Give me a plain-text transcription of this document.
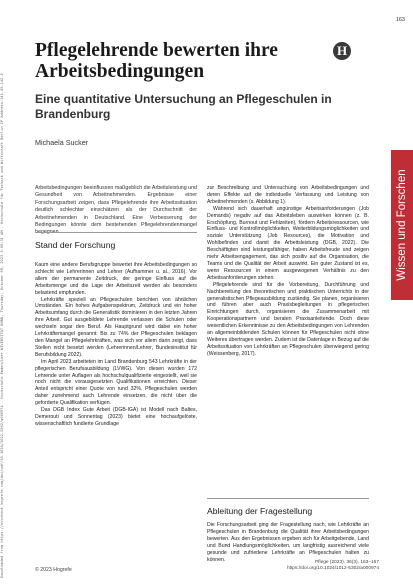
Downloaded from https://econtent.hogrefe.com/doi/pdf/10.1024/1012-5302/a000974 - Hochschule Emden/Leer NIVERSITÄT BONN, Thursday, October 09, 2023 3:00:31 AM - Hochschule für Technik und Wirtschaft Berlin IP Address:141.45.142.0
163
Pflegelehrende bewerten ihre Arbeitsbedingungen
H
Eine quantitative Untersuchung an Pflegeschulen in Brandenburg
Michaela Sucker
Wissen und Forschen

Arbeitsbedingungen beeinflussen maßgeblich die Arbeitsleistung und Gesundheit von Arbeitnehmenden. Ergebnisse einer Forschungsarbeit zeigen, dass Pflegelehrende ihre Arbeitssituation deutlich schlechter einschätzen als der Durchschnitt der Arbeitnehmenden in Deutschland. Eine Verbesserung der Bedingungen könnte dem bestehenden Pflegelehrendenmangel begegnen.

Stand der Forschung

Kaum eine andere Berufsgruppe bewertet ihre Arbeitsbedingungen so schlecht wie Lehrerinnen und Lehrer (Aufhammer u. al., 2016). Vor allem der permanente Zeitdruck, der geringe Einfluss auf die Arbeitsmenge und die Lage der Arbeitszeit werden als besonders belastend empfunden.

Lehrkräfte speziell an Pflegeschulen berichten von ähnlichen Umständen. Ein hohes Aufgabenspektrum, Zeitdruck und ein hoher Arbeitsumfang durch die Generalistik dominieren in den letzten Jahren ihre Arbeit. Gut ausgebildete Lehrende verlassen die Schulen oder wechseln sogar den Beruf. Als Hauptgrund wird dabei ein hoher Lehrkräftemangel genannt: Bis zu 74% der Pflegeschulen beklagen den Mangel an Pflegelehrkräften, was sich vor allem darin zeigt, dass Stellen nicht besetzt werden (Lehrerinnen/Lehrer, Bundesinstitut für Berufsbildung 2022).

Im April 2023 arbeiteten im Land Brandenburg 543 Lehrkräfte in der pflegerischen Berufsausbildung (LVWG). Von diesen wurden 172 Lehrende unter Auflagen als hochschulqualifizierte eingestellt, weil sie noch nicht die vorausgesetzten Qualifikationen erreichten. Dieser Anteil entspricht einer Quote von rund 32%. Pflegeschulen werden daher zunehmend auch Lehrende einsetzen, die nicht über die geforderte Qualifikation verfügen.

Das DGB Index Gute Arbeit (DGB-IGA) ist Modell nach Baltes, Demerouti und Sonnentag (2023) bietet eine hochaufgelöste, wissenschaftlich fundierte Grundlage

zur Beschreibung und Untersuchung von Arbeitsbedingungen und deren Effekte auf die individuelle Verfassung und Leistung von Arbeitnehmenden (s. Abbildung 1).

Während sich dauerhaft ungünstige Arbeitsanforderungen (Job Demands) negativ auf das Arbeitsleben auswirken können (z. B. Erschöpfung, Burnout und Fehlzeiten), fördern Arbeitsressourcen, wie Einfluss- und Kontrollmöglichkeiten, Weiterbildungsmöglichkeiten und soziale Unterstützung (Job Resources), die Motivation und Wohlbefinden und damit die Arbeitsleistung (DGB, 2022). Die Beschäftigten sind leistungsfähiger, haben Arbeitsfreude und zeigen mehr Arbeitsengagement, das sich positiv auf die Organisation, die Teams und die Qualität der Arbeit auswirkt. Ein guter Zustand ist es, wenn Ressourcen in einem ausgewogenen Verhältnis zu den Arbeitsanforderungen stehen.

Pflegelehrende sind für die Vorbereitung, Durchführung und Nachbereitung des theoretischen und praktischen Unterrichts in der generalistischen Pflegeausbildung zuständig. Sie planen, organisieren und führen aber auch Praxisbegleitungen in pflegerischen Einrichtungen durch, organisieren die Zusammenarbeit mit Kooperationspartnern und beraten Praxisanleitende. Doch diese wesentlichen Erkenntnisse zu den Arbeitsbedingungen von Lehrenden an allgemeinbildenden Schulen können für Pflegeschulen nicht ohne Weiteres übertragen werden. Zudem ist die Datenlage in Bezug auf die Arbeitssituation von Lehrkräften an Pflegeschulen überwiegend gering (Weissenberg, 2017).

Ableitung der Fragestellung

Die Forschungsarbeit ging der Fragestellung nach, wie Lehrkräfte an Pflegeschulen in Brandenburg die Qualität ihrer Arbeitsbedingungen bewerten. Aus den Ergebnissen ergeben sich für Arbeitgebende, Land und Bund Handlungsmöglichkeiten, um langfristig ausreichend viele gesunde und zufriedene Lehrkräfte an Pflegeschulen halten zu können.

© 2023 Hogrefe
Pflege (2023), 36(3), 163–167
https://doi.org/10.1024/1012-5302/a000974
